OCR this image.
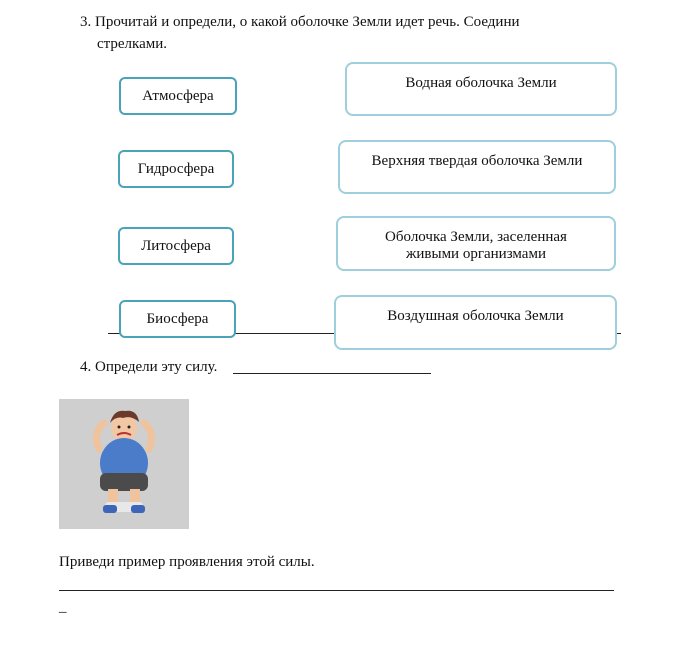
3. Прочитай и определи, о какой оболочке Земли идет речь. Соедини
стрелками.
Атмосфера
Гидросфера
Литосфера
Биосфера
Водная оболочка Земли
Верхняя твердая оболочка Земли
Оболочка Земли, заселенная
живыми организмами
Воздушная оболочка Земли
4. Определи эту силу.
Приведи пример проявления этой силы.
_
